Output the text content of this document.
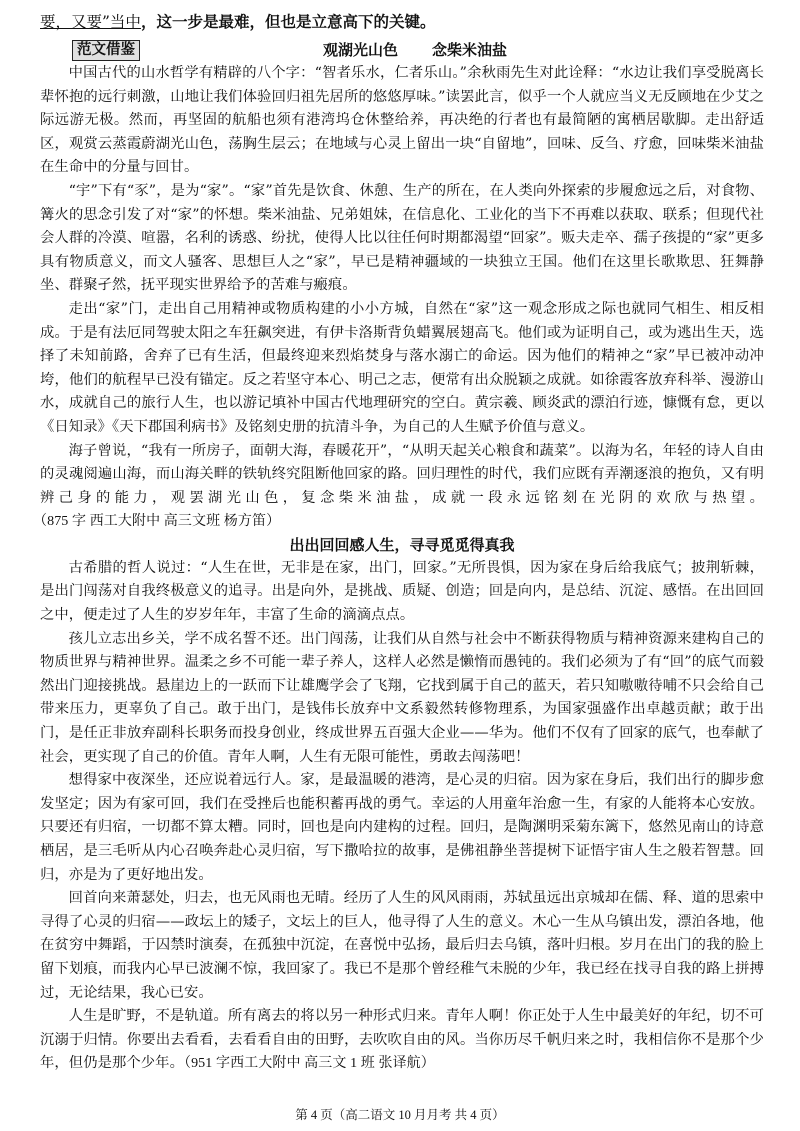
要，又要”当中，这一步是最难，但也是立意高下的关键。
范文借鉴	观湖光山色 念柴米油盐

中国古代的山水哲学有精辟的八个字：“智者乐水，仁者乐山。”余秋雨先生对此诠释：“水边让我们享受脱离长辈怀抱的远行刺激，山地让我们体验回归祖先居所的悠悠厚味。”读罢此言，似乎一个人就应当义无反顾地在少艾之际远游无极。然而，再坚固的航船也须有港湾坞仓休整给养，再决绝的行者也有最简陋的寓栖居歇脚。走出舒适区，观赏云蒸霞蔚湖光山色，荡胸生层云；在地域与心灵上留出一块“自留地”，回味、反刍、疗愈，回味柴米油盐在生命中的分量与回甘。

“宇”下有“豕”，是为“家”。“家”首先是饮食、休憩、生产的所在，在人类向外探索的步履愈远之后，对食物、篝火的思念引发了对“家”的怀想。柴米油盐、兄弟姐妹，在信息化、工业化的当下不再难以获取、联系；但现代社会人群的冷漠、喧嚣，名利的诱惑、纷扰，使得人比以往任何时期都渴望“回家”。贩夫走卒、孺子孩提的“家”更多具有物质意义，而文人骚客、思想巨人之“家”，早已是精神疆域的一块独立王国。他们在这里长歌欺思、狂舞静坐、群聚孑然，抚平现实世界给予的苦难与瘢痕。

走出“家”门，走出自己用精神或物质构建的小小方城，自然在“家”这一观念形成之际也就同气相生、相反相成。于是有法厄同驾驶太阳之车狂飙突进，有伊卡洛斯背负蜡翼展翅高飞。他们或为证明自己，或为逃出生天，选择了未知前路，舍弃了已有生活，但最终迎来烈焰焚身与落水溺亡的命运。因为他们的精神之“家”早已被冲动冲垮，他们的航程早已没有锚定。反之若坚守本心、明己之志，便常有出众脱颖之成就。如徐霞客放弃科举、漫游山水，成就自己的旅行人生，也以游记填补中国古代地理研究的空白。黄宗羲、顾炎武的漂泊行迹，慷慨有怠，更以《日知录》《天下郡国利病书》及铭刻史册的抗清斗争，为自己的人生赋予价值与意义。

海子曾说，“我有一所房子，面朝大海，春暖花开”，“从明天起关心粮食和蔬菜”。以海为名，年轻的诗人自由的灵魂阅遍山海，而山海关畔的铁轨终究阻断他回家的路。回归理性的时代，我们应既有弄潮逐浪的抱负，又有明辨己身的能力，观罢湖光山色，复念柴米油盐，成就一段永远铭刻在光阴的欢欣与热望。（875 字 西工大附中 高三文班 杨方笛）

出出回回感人生，寻寻觅觅得真我

古希腊的哲人说过：“人生在世，无非是在家，出门，回家。”无所畏惧，因为家在身后给我底气；披荆斩棘，是出门闯荡对自我终极意义的追寻。出是向外，是挑战、质疑、创造；回是向内，是总结、沉淀、感悟。在出回回之中，便走过了人生的岁岁年年，丰富了生命的滴滴点点。

孩儿立志出乡关，学不成名誓不还。出门闯荡，让我们从自然与社会中不断获得物质与精神资源来建构自己的物质世界与精神世界。温柔之乡不可能一辈子养人，这样人必然是懒惰而愚钝的。我们必须为了有“回”的底气而毅然出门迎接挑战。悬崖边上的一跃而下让雄鹰学会了飞翔，它找到属于自己的蓝天，若只知嗷嗷待哺不只会给自己带来压力，更辜负了自己。敢于出门，是钱伟长放弃中文系毅然转修物理系，为国家强盛作出卓越贡献；敢于出门，是任正非放弃副科长职务而投身创业，终成世界五百强大企业——华为。他们不仅有了回家的底气，也奉献了社会，更实现了自己的价值。青年人啊，人生有无限可能性，勇敢去闯荡吧！

想得家中夜深坐，还应说着远行人。家，是最温暖的港湾，是心灵的归宿。因为家在身后，我们出行的脚步愈发坚定；因为有家可回，我们在受挫后也能积蓄再战的勇气。幸运的人用童年治愈一生，有家的人能将本心安放。只要还有归宿，一切都不算太糟。同时，回也是向内建构的过程。回归，是陶渊明采菊东篱下，悠然见南山的诗意栖居，是三毛听从内心召唤奔赴心灵归宿，写下撒哈拉的故事，是佛祖静坐菩提树下证悟宇宙人生之般若智慧。回归，亦是为了更好地出发。

回首向来萧瑟处，归去，也无风雨也无晴。经历了人生的风风雨雨，苏轼虽远出京城却在儒、释、道的思索中寻得了心灵的归宿——政坛上的矮子，文坛上的巨人，他寻得了人生的意义。木心一生从乌镇出发，漂泊各地，他在贫穷中舞蹈，于囚禁时演奏，在孤独中沉淀，在喜悦中弘扬，最后归去乌镇，落叶归根。岁月在出门的我的脸上留下划痕，而我内心早已波澜不惊，我回家了。我已不是那个曾经稚气未脱的少年，我已经在找寻自我的路上拼搏过，无论结果，我心已安。

人生是旷野，不是轨道。所有离去的将以另一种形式归来。青年人啊！你正处于人生中最美好的年纪，切不可沉溺于归情。你要出去看看，去看看自由的田野，去吹吹自由的风。当你历尽千帆归来之时，我相信你不是那个少年，但仍是那个少年。（951 字西工大附中 高三文 1 班 张译航）

第 4 页（高二语文 10 月月考 共 4 页）
